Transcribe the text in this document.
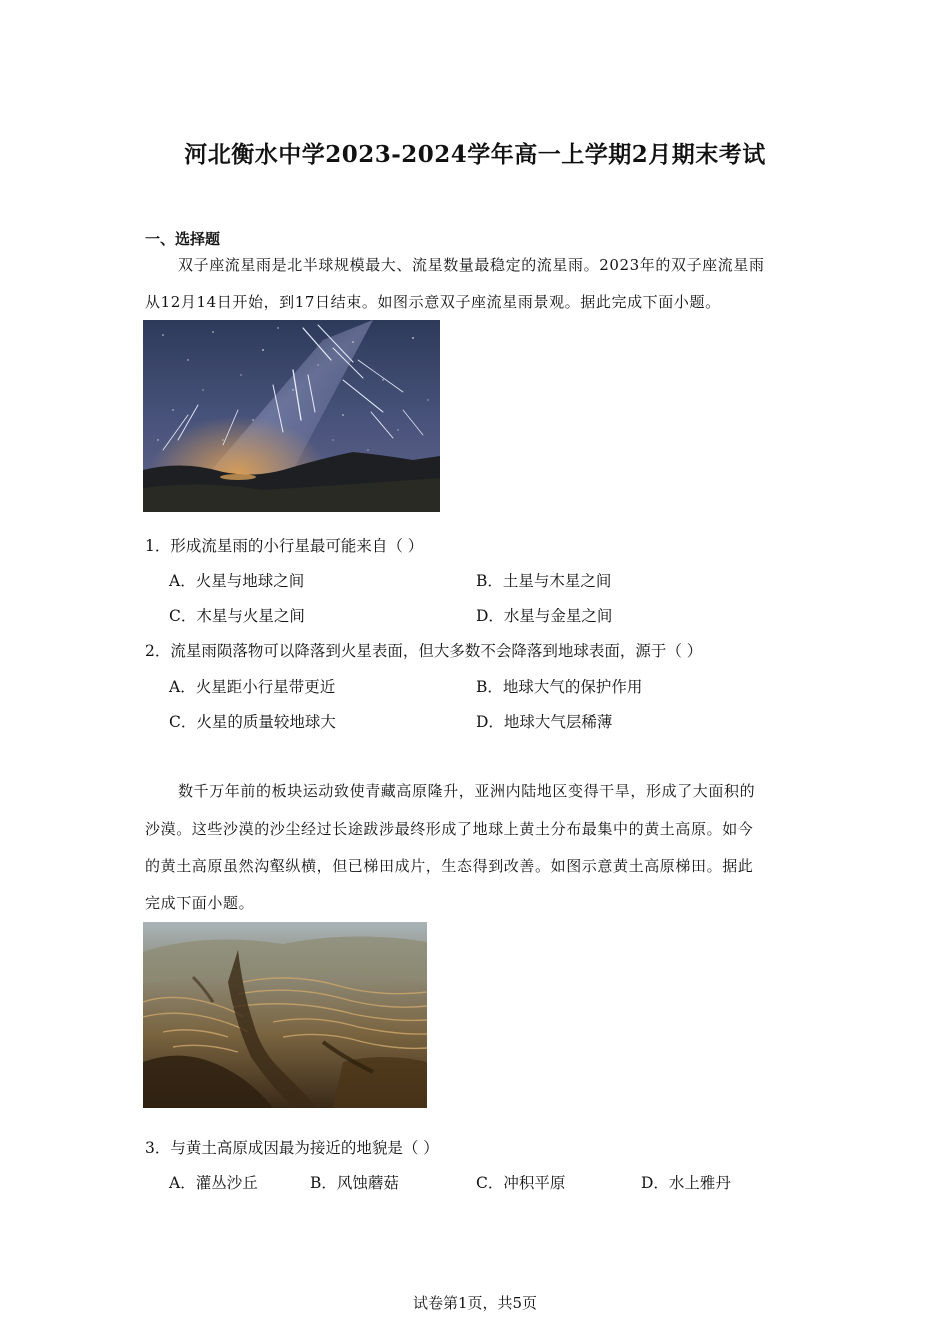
河北衡水中学2023-2024学年高一上学期2月期末考试
一、选择题
双子座流星雨是北半球规模最大、流星数量最稳定的流星雨。2023年的双子座流星雨
从12月14日开始，到17日结束。如图示意双子座流星雨景观。据此完成下面小题。
1．形成流星雨的小行星最可能来自（ ）
A．火星与地球之间	B．土星与木星之间
C．木星与火星之间	D．水星与金星之间
2．流星雨陨落物可以降落到火星表面，但大多数不会降落到地球表面，源于（ ）
A．火星距小行星带更近	B．地球大气的保护作用
C．火星的质量较地球大	D．地球大气层稀薄
数千万年前的板块运动致使青藏高原隆升，亚洲内陆地区变得干旱，形成了大面积的
沙漠。这些沙漠的沙尘经过长途跋涉最终形成了地球上黄土分布最集中的黄土高原。如今
的黄土高原虽然沟壑纵横，但已梯田成片，生态得到改善。如图示意黄土高原梯田。据此
完成下面小题。
3．与黄土高原成因最为接近的地貌是（ ）
A．灌丛沙丘	B．风蚀蘑菇	C．冲积平原	D．水上雅丹
试卷第1页，共5页
